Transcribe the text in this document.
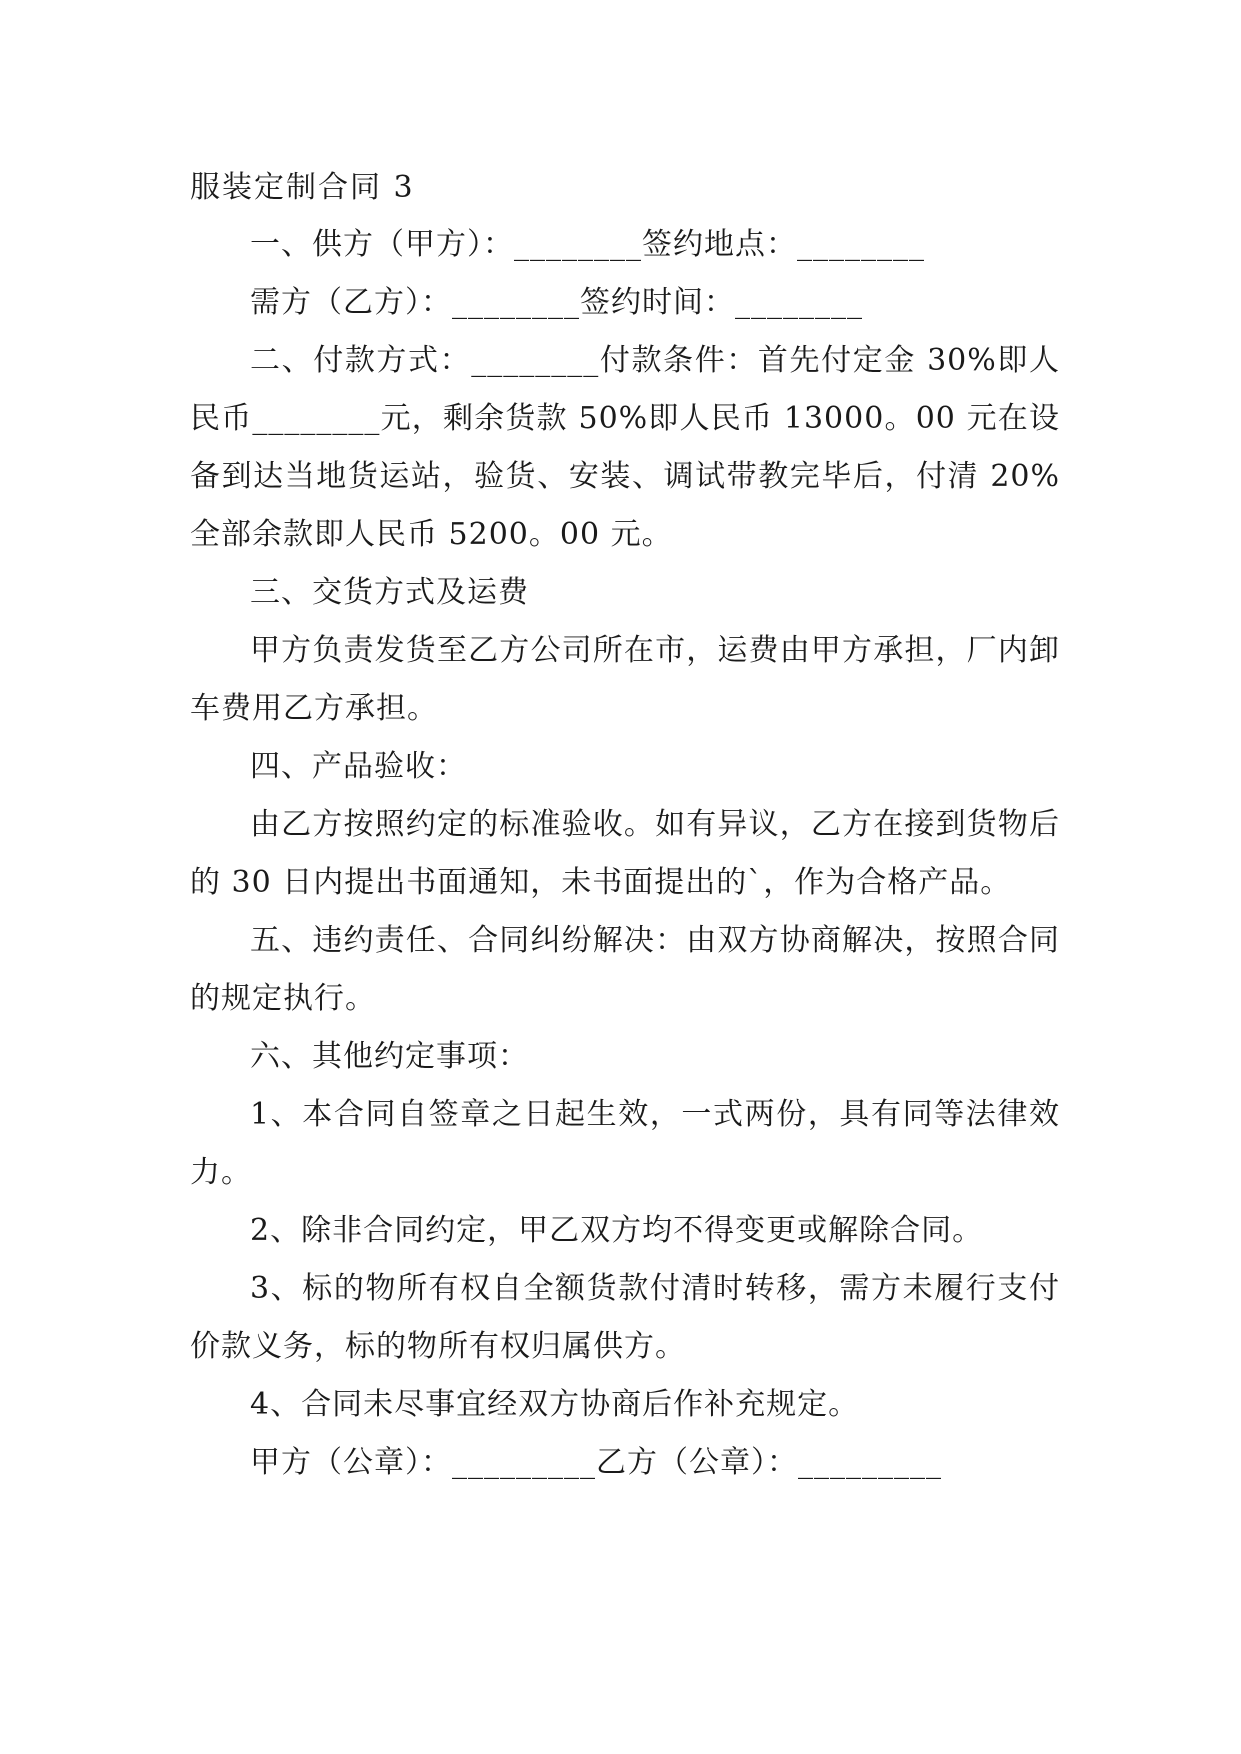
服装定制合同 3

一、供方（甲方）：________签约地点：________

需方（乙方）：________签约时间：________

二、付款方式：________付款条件：首先付定金 30%即人民币________元，剩余货款 50%即人民币 13000。00 元在设备到达当地货运站，验货、安装、调试带教完毕后，付清 20%全部余款即人民币 5200。00 元。

三、交货方式及运费

甲方负责发货至乙方公司所在市，运费由甲方承担，厂内卸车费用乙方承担。

四、产品验收：

由乙方按照约定的标准验收。如有异议，乙方在接到货物后的 30 日内提出书面通知，未书面提出的`，作为合格产品。

五、违约责任、合同纠纷解决：由双方协商解决，按照合同的规定执行。

六、其他约定事项：

1、本合同自签章之日起生效，一式两份，具有同等法律效力。

2、除非合同约定，甲乙双方均不得变更或解除合同。

3、标的物所有权自全额货款付清时转移，需方未履行支付价款义务，标的物所有权归属供方。

4、合同未尽事宜经双方协商后作补充规定。

甲方（公章）：_________乙方（公章）：_________
